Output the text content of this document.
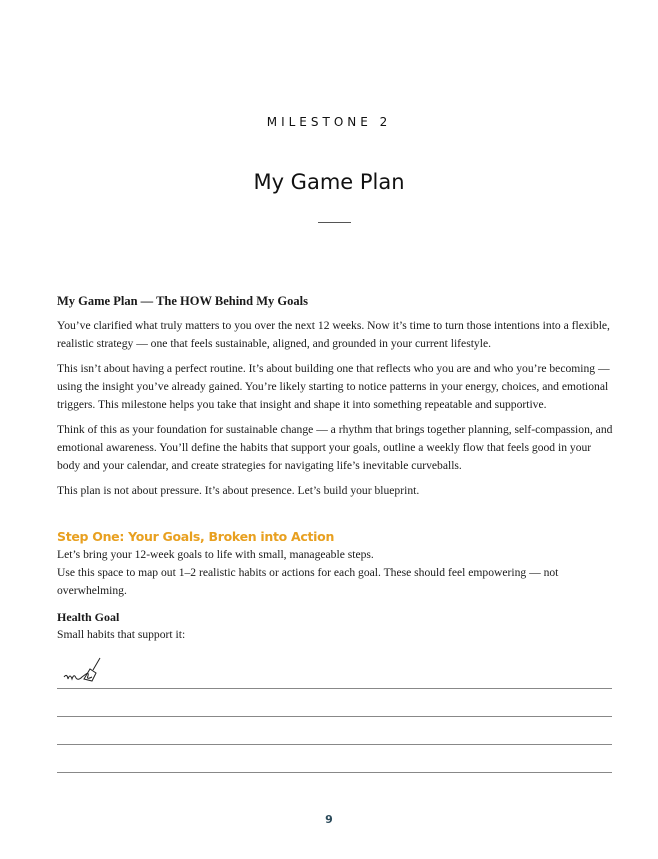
MILESTONE 2
My Game Plan
My Game Plan — The HOW Behind My Goals

You’ve clarified what truly matters to you over the next 12 weeks. Now it’s time to turn those intentions into a flexible, realistic strategy — one that feels sustainable, aligned, and grounded in your current lifestyle.

This isn’t about having a perfect routine. It’s about building one that reflects who you are and who you’re becoming — using the insight you’ve already gained. You’re likely starting to notice patterns in your energy, choices, and emotional triggers. This milestone helps you take that insight and shape it into something repeatable and supportive.

Think of this as your foundation for sustainable change — a rhythm that brings together planning, self-compassion, and emotional awareness. You’ll define the habits that support your goals, outline a weekly flow that feels good in your body and your calendar, and create strategies for navigating life’s inevitable curveballs.

This plan is not about pressure. It’s about presence. Let’s build your blueprint.

Step One: Your Goals, Broken into Action

Let’s bring your 12-week goals to life with small, manageable steps.

Use this space to map out 1–2 realistic habits or actions for each goal. These should feel empowering — not overwhelming.

Health Goal

Small habits that support it:

9
